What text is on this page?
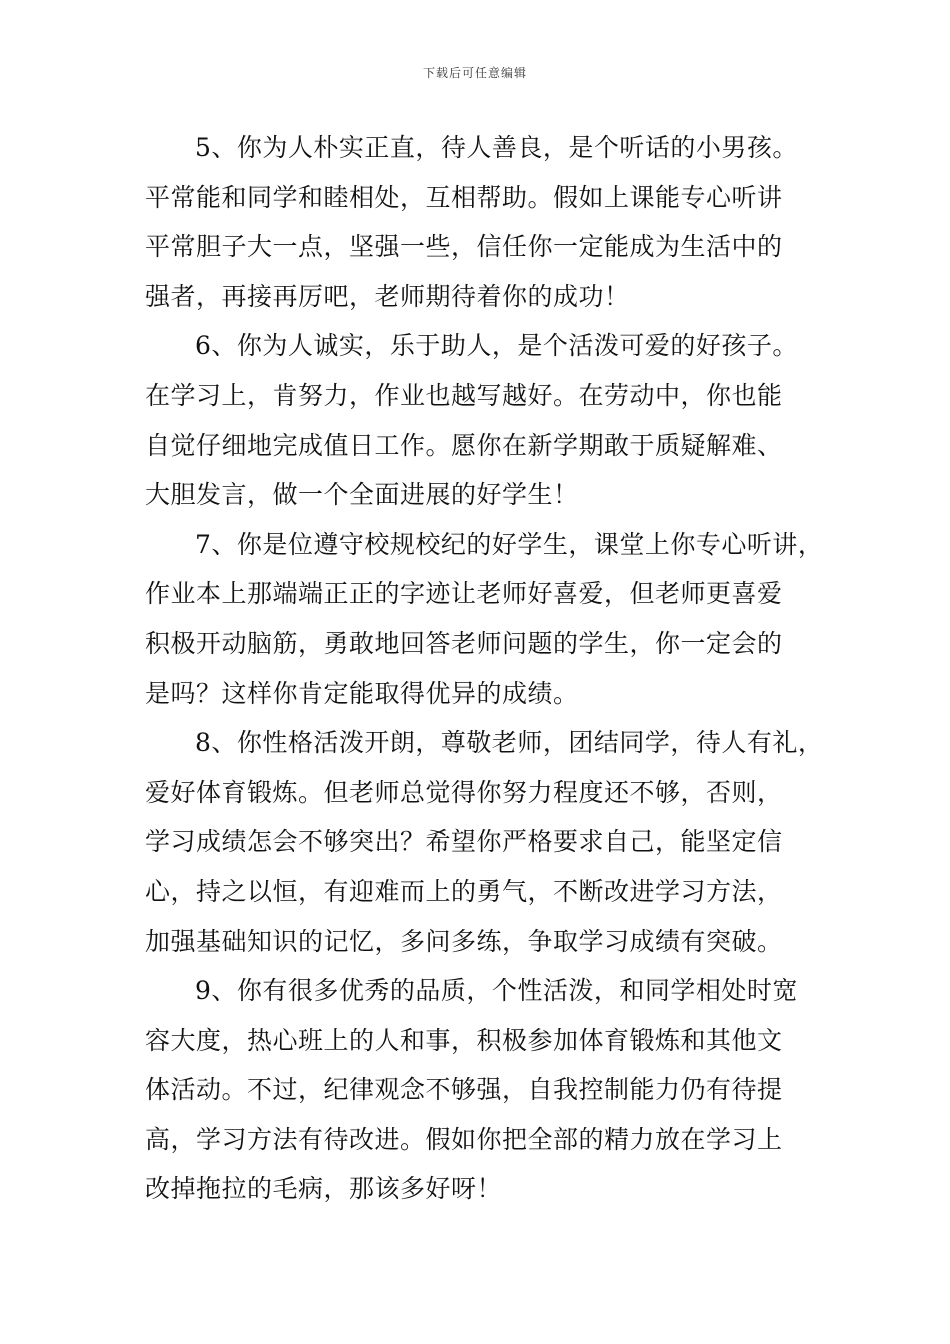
下载后可任意编辑
5、你为人朴实正直，待人善良，是个听话的小男孩。
平常能和同学和睦相处，互相帮助。假如上课能专心听讲
平常胆子大一点，坚强一些，信任你一定能成为生活中的
强者，再接再厉吧，老师期待着你的成功！
6、你为人诚实，乐于助人，是个活泼可爱的好孩子。
在学习上，肯努力，作业也越写越好。在劳动中，你也能
自觉仔细地完成值日工作。愿你在新学期敢于质疑解难、
大胆发言，做一个全面进展的好学生！
7、你是位遵守校规校纪的好学生，课堂上你专心听讲，
作业本上那端端正正的字迹让老师好喜爱，但老师更喜爱
积极开动脑筋，勇敢地回答老师问题的学生，你一定会的
是吗？这样你肯定能取得优异的成绩。
8、你性格活泼开朗，尊敬老师，团结同学，待人有礼，
爱好体育锻炼。但老师总觉得你努力程度还不够，否则，
学习成绩怎会不够突出？希望你严格要求自己，能坚定信
心，持之以恒，有迎难而上的勇气，不断改进学习方法，
加强基础知识的记忆，多问多练，争取学习成绩有突破。
9、你有很多优秀的品质，个性活泼，和同学相处时宽
容大度，热心班上的人和事，积极参加体育锻炼和其他文
体活动。不过，纪律观念不够强，自我控制能力仍有待提
高，学习方法有待改进。假如你把全部的精力放在学习上
改掉拖拉的毛病，那该多好呀！
